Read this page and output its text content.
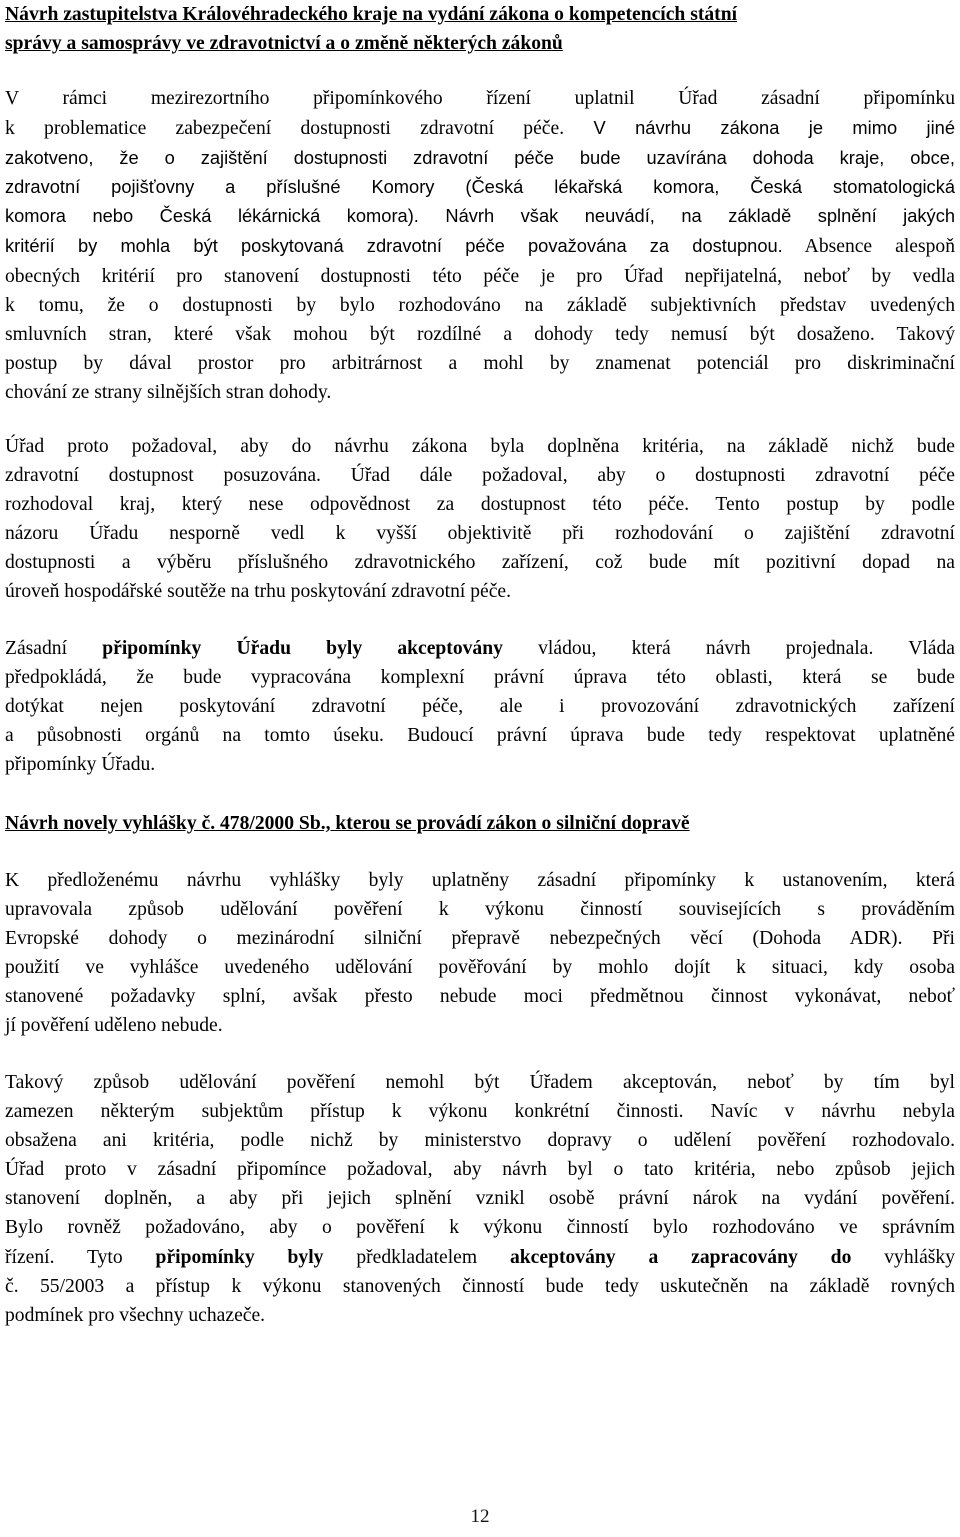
Návrh zastupitelstva Královéhradeckého kraje na vydání zákona o kompetencích státní
správy a samosprávy ve zdravotnictví a o změně některých zákonů
V rámci mezirezortního připomínkového řízení uplatnil Úřad zásadní připomínku
k problematice zabezpečení dostupnosti zdravotní péče. V návrhu zákona je mimo jiné
zakotveno, že o zajištění dostupnosti zdravotní péče bude uzavírána dohoda kraje, obce,
zdravotní pojišťovny a příslušné Komory (Česká lékařská komora, Česká stomatologická
komora nebo Česká lékárnická komora). Návrh však neuvádí, na základě splnění jakých
kritérií by mohla být poskytovaná zdravotní péče považována za dostupnou. Absence alespoň
obecných kritérií pro stanovení dostupnosti této péče je pro Úřad nepřijatelná, neboť by vedla
k tomu, že o dostupnosti by bylo rozhodováno na základě subjektivních představ uvedených
smluvních stran, které však mohou být rozdílné a dohody tedy nemusí být dosaženo. Takový
postup by dával prostor pro arbitrárnost a mohl by znamenat potenciál pro diskriminační
chování ze strany silnějších stran dohody.
Úřad proto požadoval, aby do návrhu zákona byla doplněna kritéria, na základě nichž bude
zdravotní dostupnost posuzována. Úřad dále požadoval, aby o dostupnosti zdravotní péče
rozhodoval kraj, který nese odpovědnost za dostupnost této péče. Tento postup by podle
názoru Úřadu nesporně vedl k vyšší objektivitě při rozhodování o zajištění zdravotní
dostupnosti a výběru příslušného zdravotnického zařízení, což bude mít pozitivní dopad na
úroveň hospodářské soutěže na trhu poskytování zdravotní péče.
Zásadní připomínky Úřadu byly akceptovány vládou, která návrh projednala. Vláda
předpokládá, že bude vypracována komplexní právní úprava této oblasti, která se bude
dotýkat nejen poskytování zdravotní péče, ale i provozování zdravotnických zařízení
a působnosti orgánů na tomto úseku. Budoucí právní úprava bude tedy respektovat uplatněné
připomínky Úřadu.
Návrh novely vyhlášky č. 478/2000 Sb., kterou se provádí zákon o silniční dopravě
K předloženému návrhu vyhlášky byly uplatněny zásadní připomínky k ustanovením, která
upravovala způsob udělování pověření k výkonu činností souvisejících s prováděním
Evropské dohody o mezinárodní silniční přepravě nebezpečných věcí (Dohoda ADR). Při
použití ve vyhlášce uvedeného udělování pověřování by mohlo dojít k situaci, kdy osoba
stanovené požadavky splní, avšak přesto nebude moci předmětnou činnost vykonávat, neboť
jí pověření uděleno nebude.
Takový způsob udělování pověření nemohl být Úřadem akceptován, neboť by tím byl
zamezen některým subjektům přístup k výkonu konkrétní činnosti. Navíc v návrhu nebyla
obsažena ani kritéria, podle nichž by ministerstvo dopravy o udělení pověření rozhodovalo.
Úřad proto v zásadní připomínce požadoval, aby návrh byl o tato kritéria, nebo způsob jejich
stanovení doplněn, a aby při jejich splnění vznikl osobě právní nárok na vydání pověření.
Bylo rovněž požadováno, aby o pověření k výkonu činností bylo rozhodováno ve správním
řízení. Tyto připomínky byly předkladatelem akceptovány a zapracovány do vyhlášky
č. 55/2003 a přístup k výkonu stanovených činností bude tedy uskutečněn na základě rovných
podmínek pro všechny uchazeče.
12
